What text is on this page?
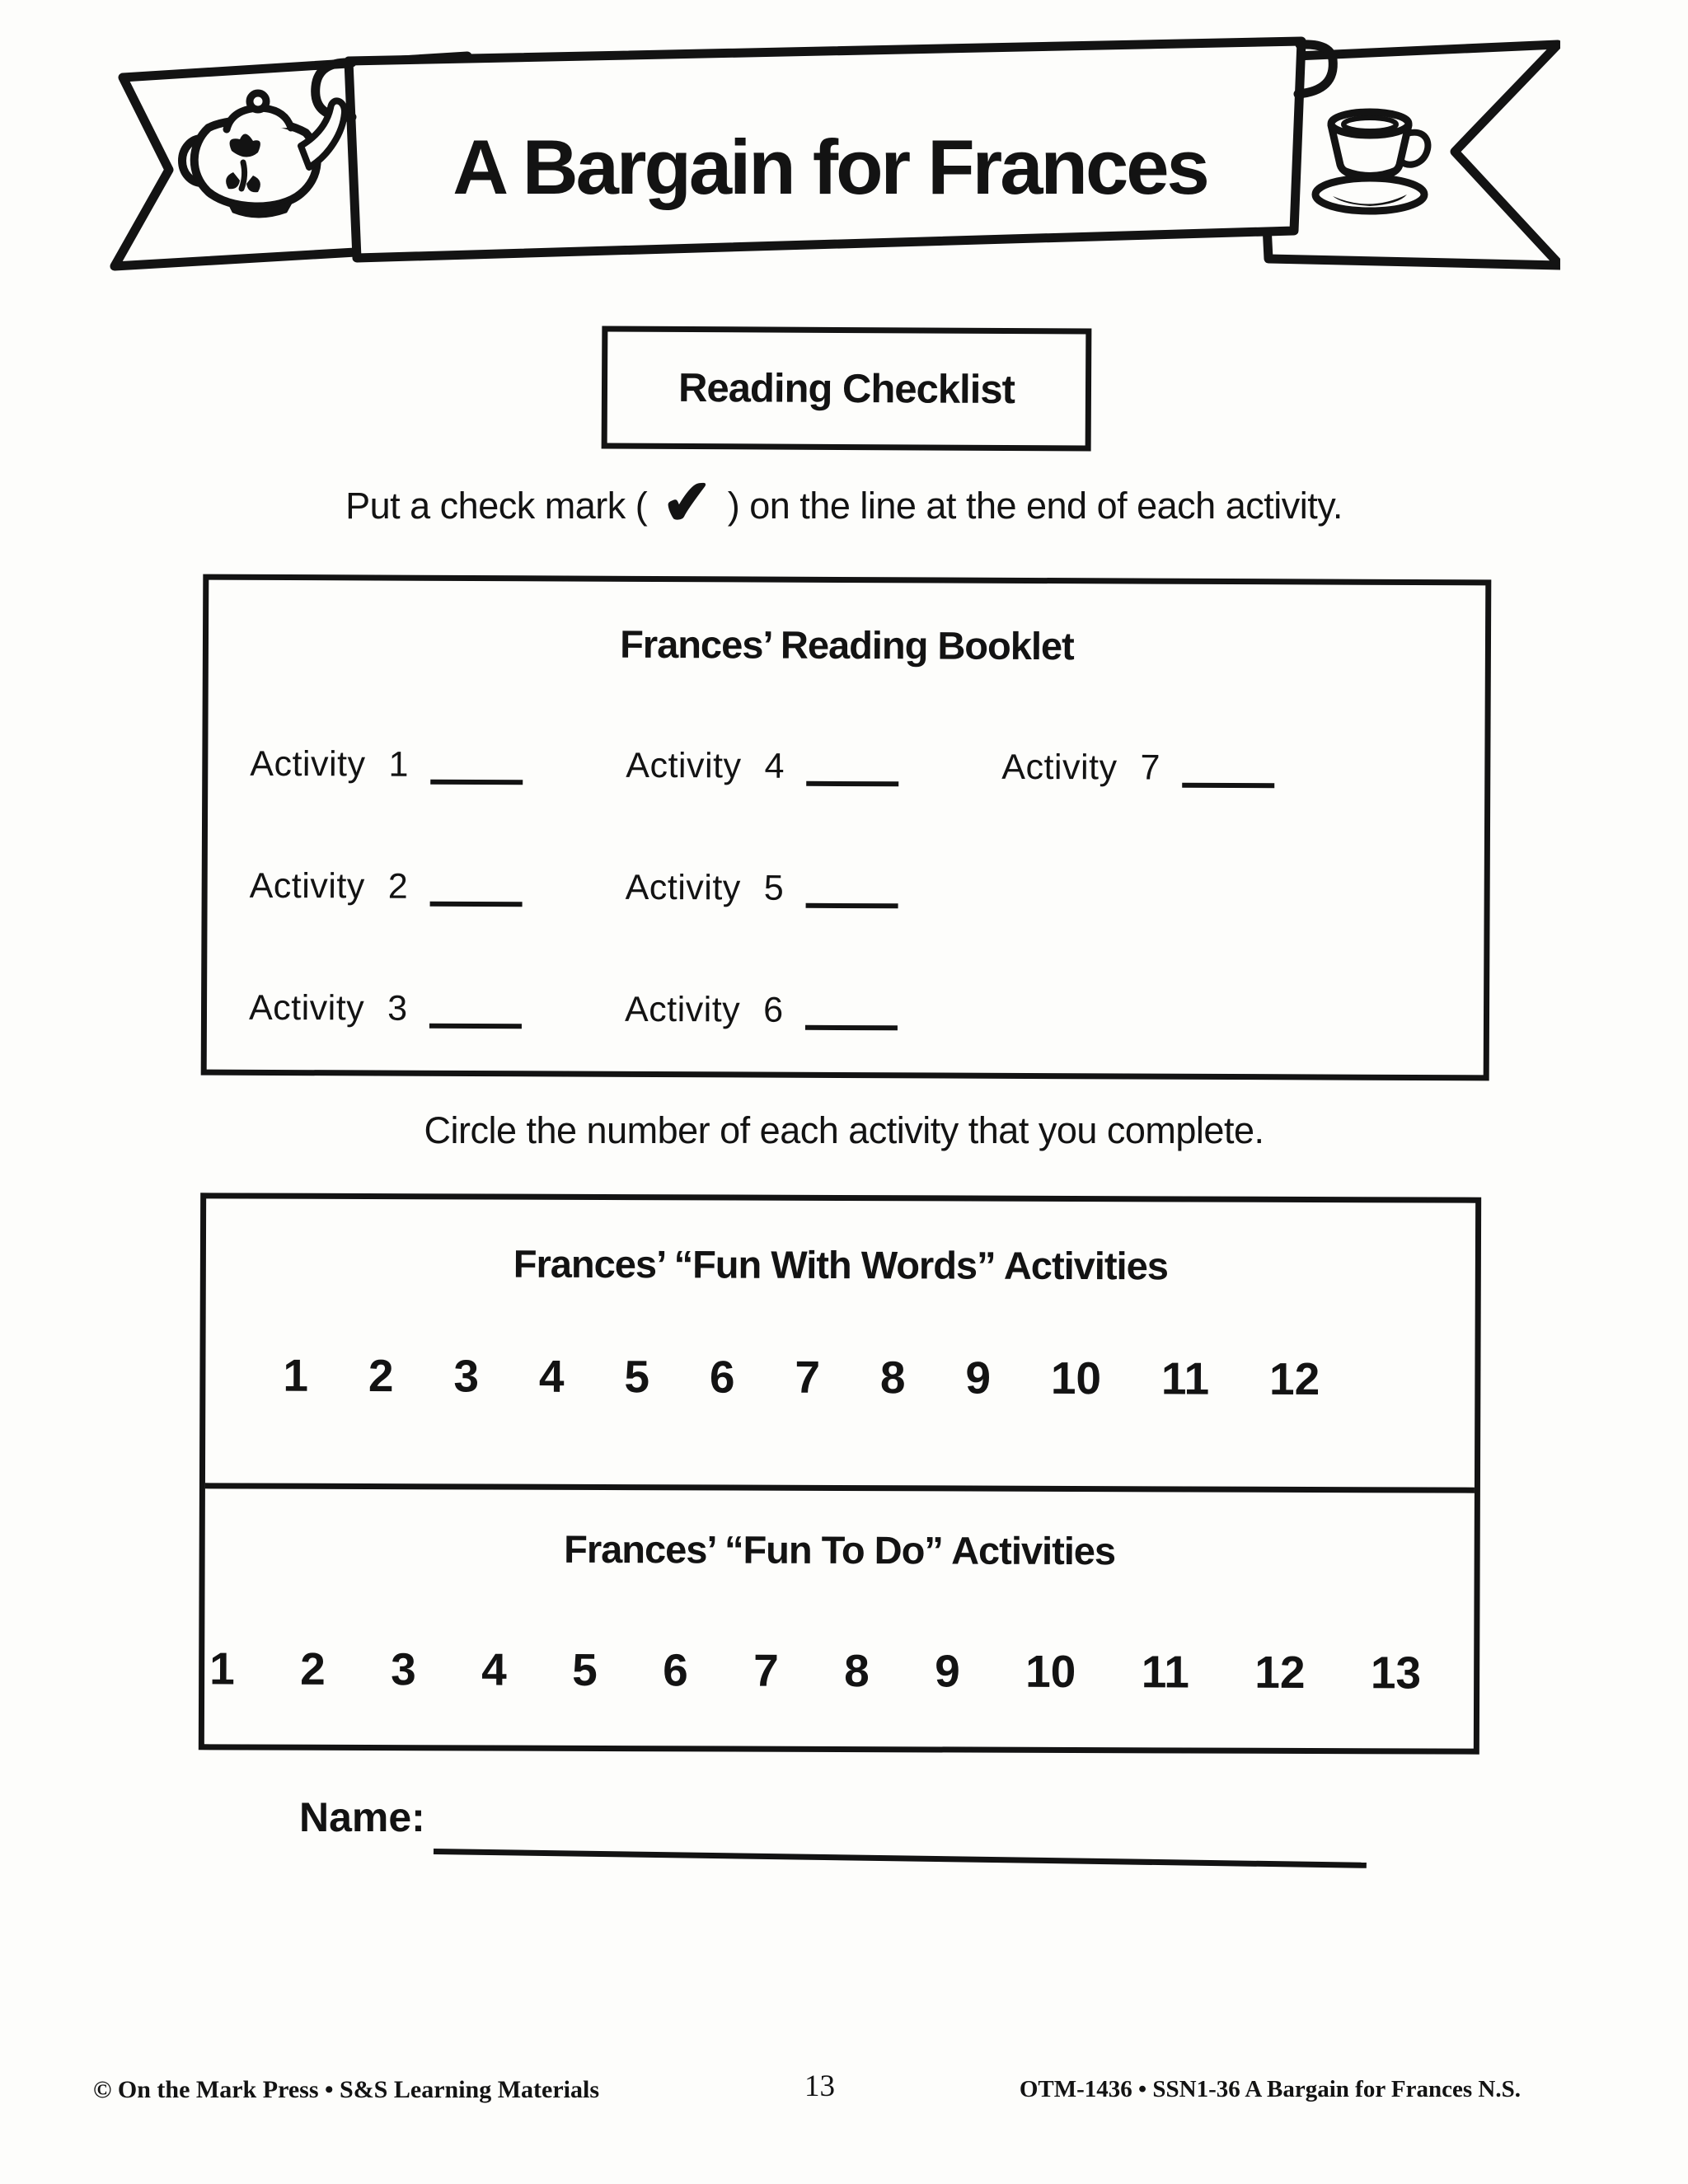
A Bargain for Frances
Reading Checklist
Put a check mark ( ✔ ) on the line at the end of each activity.
Frances’ Reading Booklet
Activity 1
Activity 2
Activity 3
Activity 4
Activity 5
Activity 6
Activity 7
Circle the number of each activity that you complete.
Frances’ “Fun With Words” Activities
1 2 3 4 5 6 7 8 9 10 11 12
Frances’ “Fun To Do” Activities
1 2 3 4 5 6 7 8 9 10 11 12 13
Name:
© On the Mark Press • S&S Learning Materials	13	OTM-1436 • SSN1-36 A Bargain for Frances N.S.
